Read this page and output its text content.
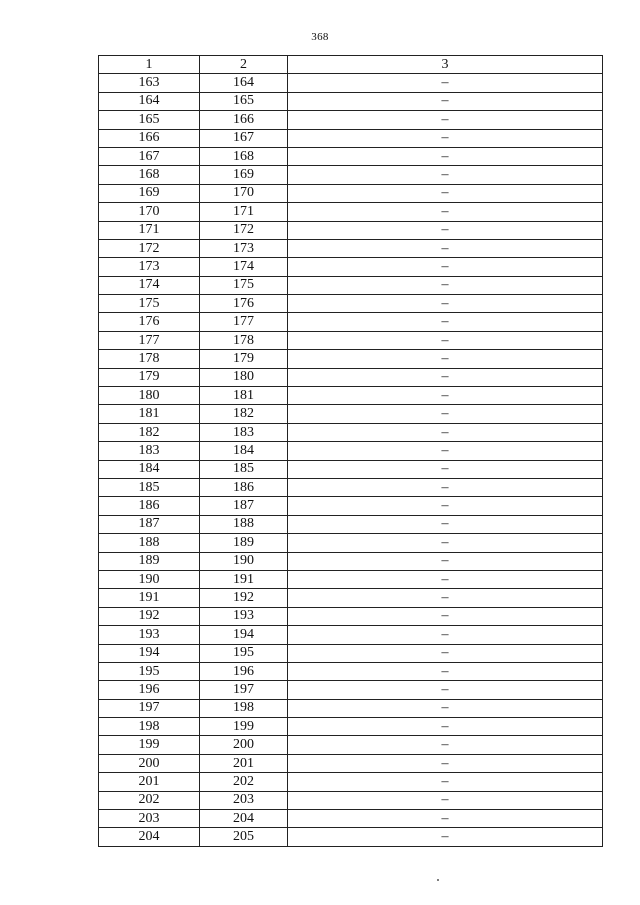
368
1	2	3
163	164	–
164	165	–
165	166	–
166	167	–
167	168	–
168	169	–
169	170	–
170	171	–
171	172	–
172	173	–
173	174	–
174	175	–
175	176	–
176	177	–
177	178	–
178	179	–
179	180	–
180	181	–
181	182	–
182	183	–
183	184	–
184	185	–
185	186	–
186	187	–
187	188	–
188	189	–
189	190	–
190	191	–
191	192	–
192	193	–
193	194	–
194	195	–
195	196	–
196	197	–
197	198	–
198	199	–
199	200	–
200	201	–
201	202	–
202	203	–
203	204	–
204	205	–
